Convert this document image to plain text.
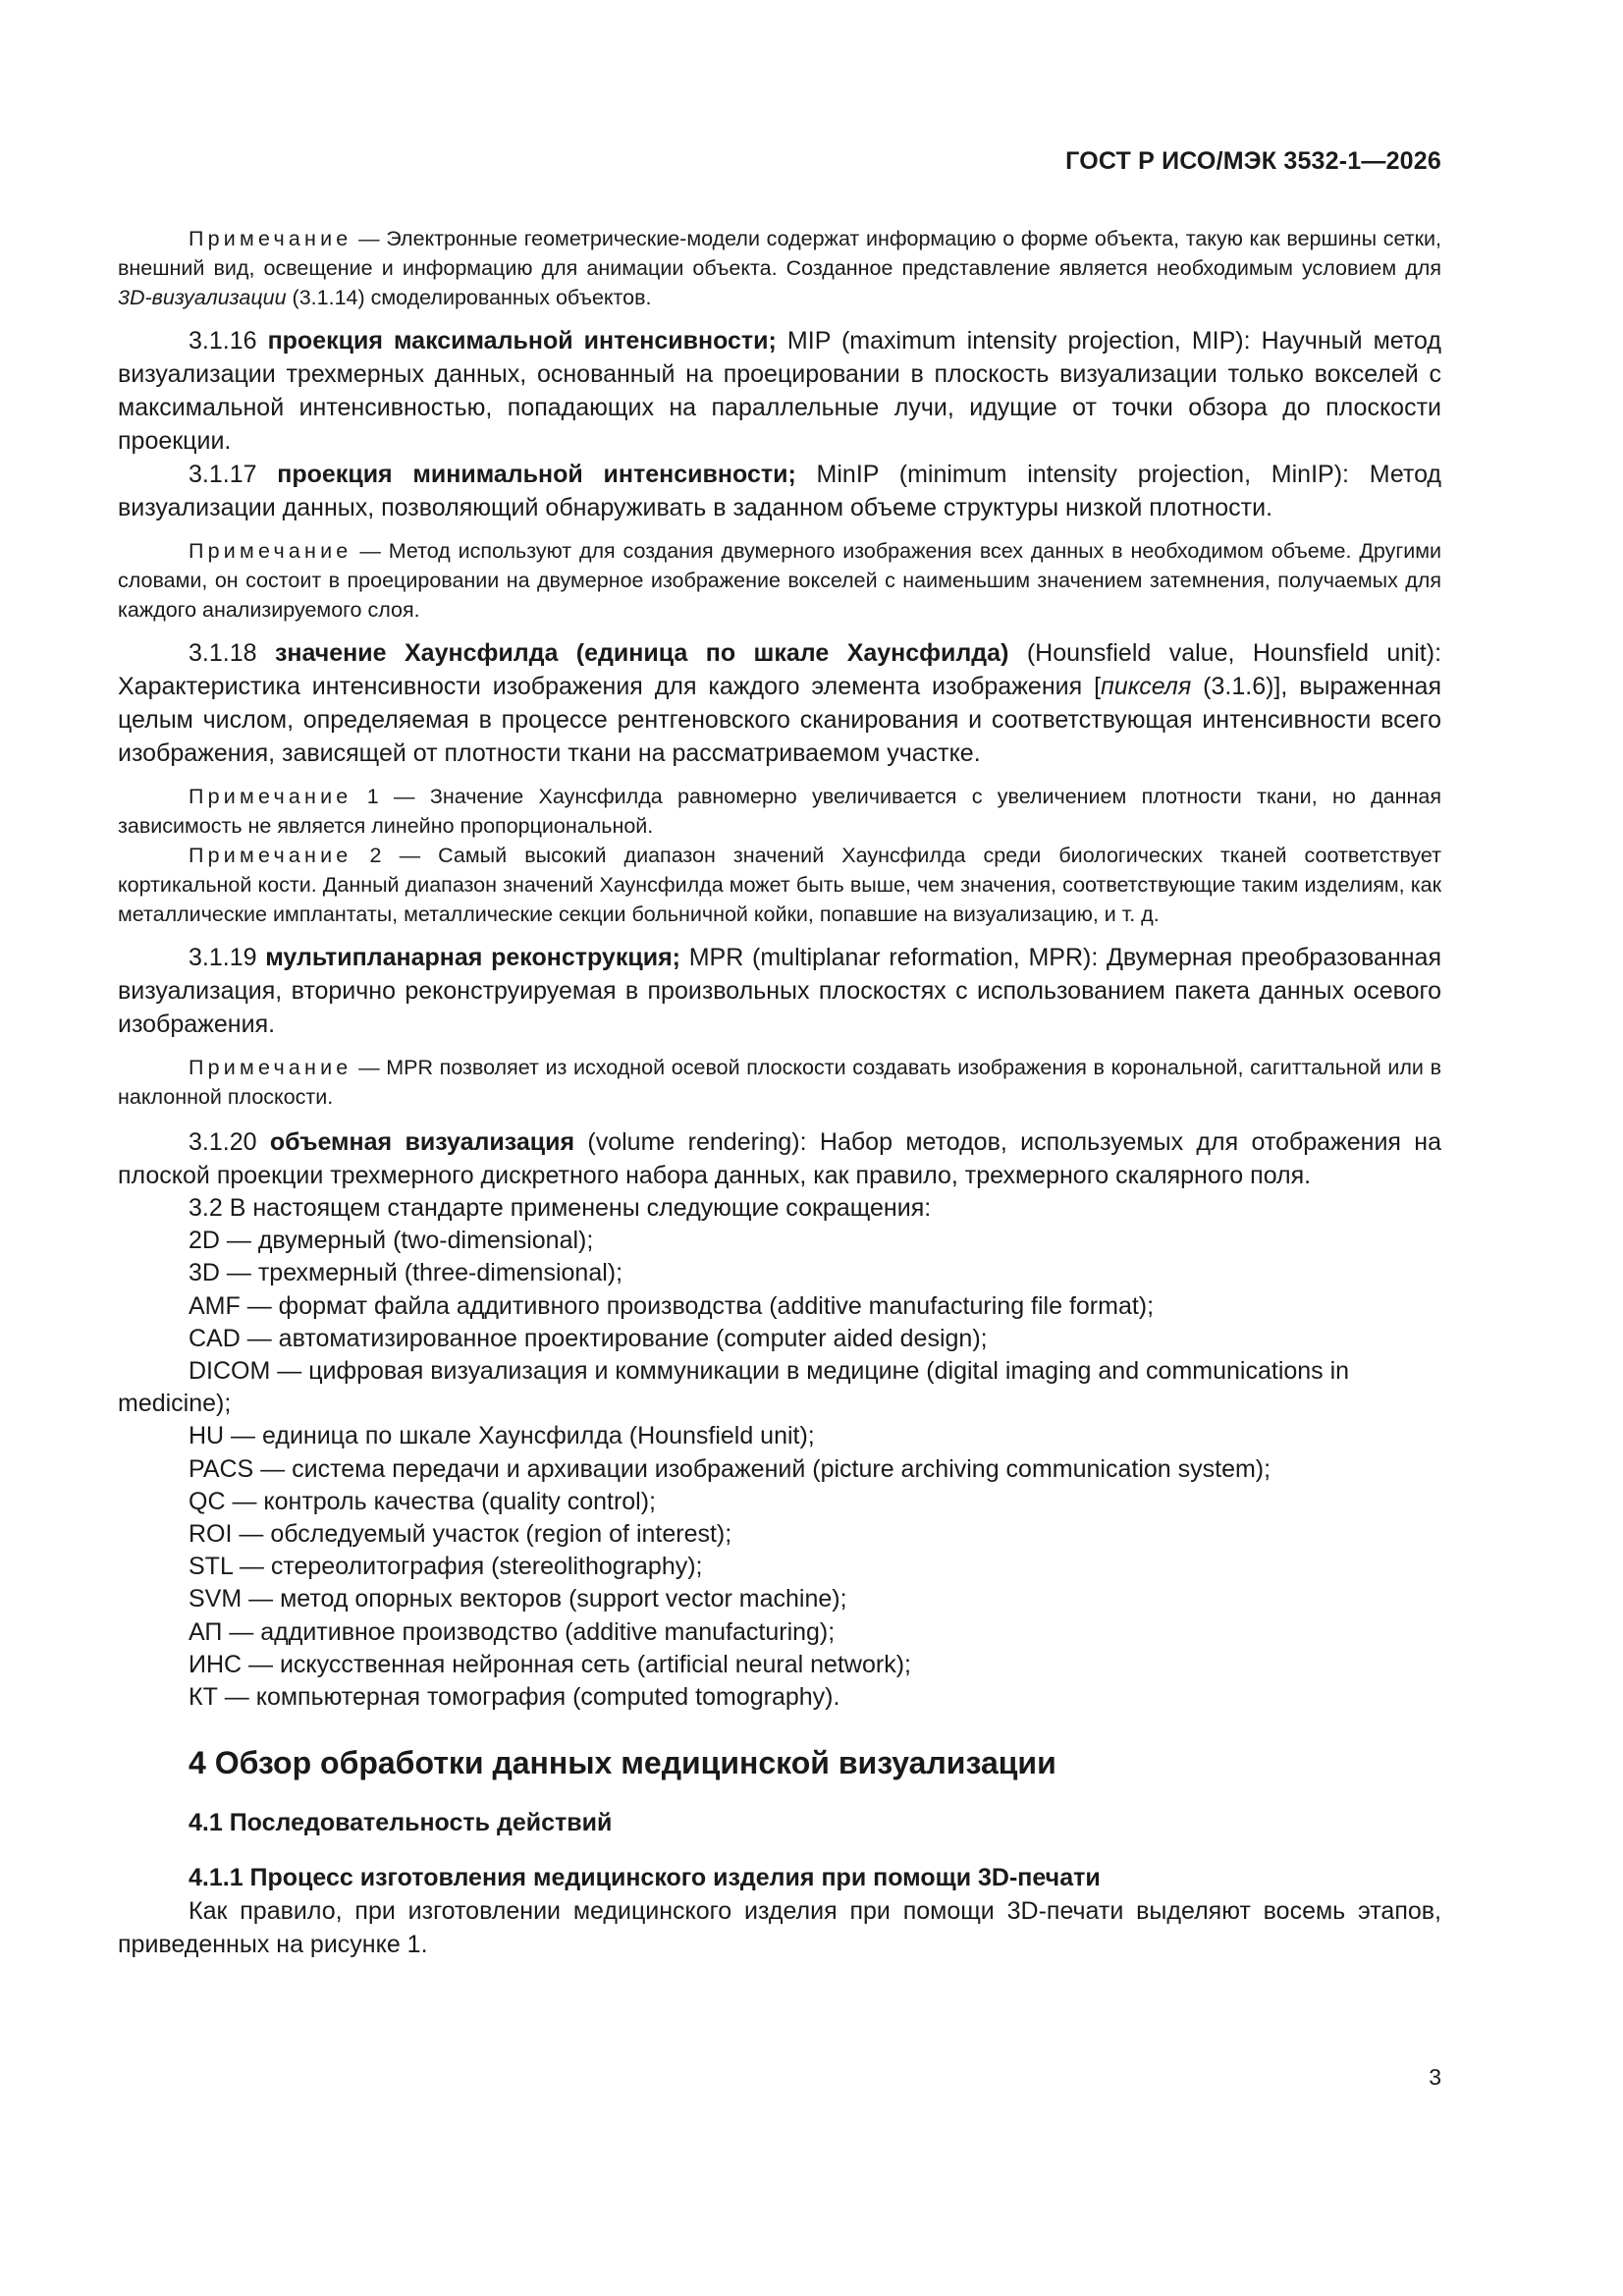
ГОСТ Р ИСО/МЭК 3532-1—2026

Примечание — Электронные геометрические-модели содержат информацию о форме объекта, такую как вершины сетки, внешний вид, освещение и информацию для анимации объекта. Созданное представление является необходимым условием для 3D-визуализации (3.1.14) смоделированных объектов.

3.1.16 проекция максимальной интенсивности; MIP (maximum intensity projection, MIP): Научный метод визуализации трехмерных данных, основанный на проецировании в плоскость визуализации только вокселей с максимальной интенсивностью, попадающих на параллельные лучи, идущие от точки обзора до плоскости проекции.

3.1.17 проекция минимальной интенсивности; MinIP (minimum intensity projection, MinIP): Метод визуализации данных, позволяющий обнаруживать в заданном объеме структуры низкой плотности.

Примечание — Метод используют для создания двумерного изображения всех данных в необходимом объеме. Другими словами, он состоит в проецировании на двумерное изображение вокселей с наименьшим значением затемнения, получаемых для каждого анализируемого слоя.

3.1.18 значение Хаунсфилда (единица по шкале Хаунсфилда) (Hounsfield value, Hounsfield unit): Характеристика интенсивности изображения для каждого элемента изображения [пикселя (3.1.6)], выраженная целым числом, определяемая в процессе рентгеновского сканирования и соответствующая интенсивности всего изображения, зависящей от плотности ткани на рассматриваемом участке.

Примечание 1 — Значение Хаунсфилда равномерно увеличивается с увеличением плотности ткани, но данная зависимость не является линейно пропорциональной.

Примечание 2 — Самый высокий диапазон значений Хаунсфилда среди биологических тканей соответствует кортикальной кости. Данный диапазон значений Хаунсфилда может быть выше, чем значения, соответствующие таким изделиям, как металлические имплантаты, металлические секции больничной койки, попавшие на визуализацию, и т. д.

3.1.19 мультипланарная реконструкция; MPR (multiplanar reformation, MPR): Двумерная преобразованная визуализация, вторично реконструируемая в произвольных плоскостях с использованием пакета данных осевого изображения.

Примечание — MPR позволяет из исходной осевой плоскости создавать изображения в корональной, сагиттальной или в наклонной плоскости.

3.1.20 объемная визуализация (volume rendering): Набор методов, используемых для отображения на плоской проекции трехмерного дискретного набора данных, как правило, трехмерного скалярного поля.

3.2 В настоящем стандарте применены следующие сокращения:

2D — двумерный (two-dimensional);

3D — трехмерный (three-dimensional);

AMF — формат файла аддитивного производства (additive manufacturing file format);

CAD — автоматизированное проектирование (computer aided design);

DICOM — цифровая визуализация и коммуникации в медицине (digital imaging and communications in medicine);

HU — единица по шкале Хаунсфилда (Hounsfield unit);

PACS — система передачи и архивации изображений (picture archiving communication system);

QC — контроль качества (quality control);

ROI — обследуемый участок (region of interest);

STL — стереолитография (stereolithography);

SVM — метод опорных векторов (support vector machine);

АП — аддитивное производство (additive manufacturing);

ИНС — искусственная нейронная сеть (artificial neural network);

КТ — компьютерная томография (computed tomography).

4 Обзор обработки данных медицинской визуализации
4.1 Последовательность действий
4.1.1 Процесс изготовления медицинского изделия при помощи 3D-печати

Как правило, при изготовлении медицинского изделия при помощи 3D-печати выделяют восемь этапов, приведенных на рисунке 1.

3
